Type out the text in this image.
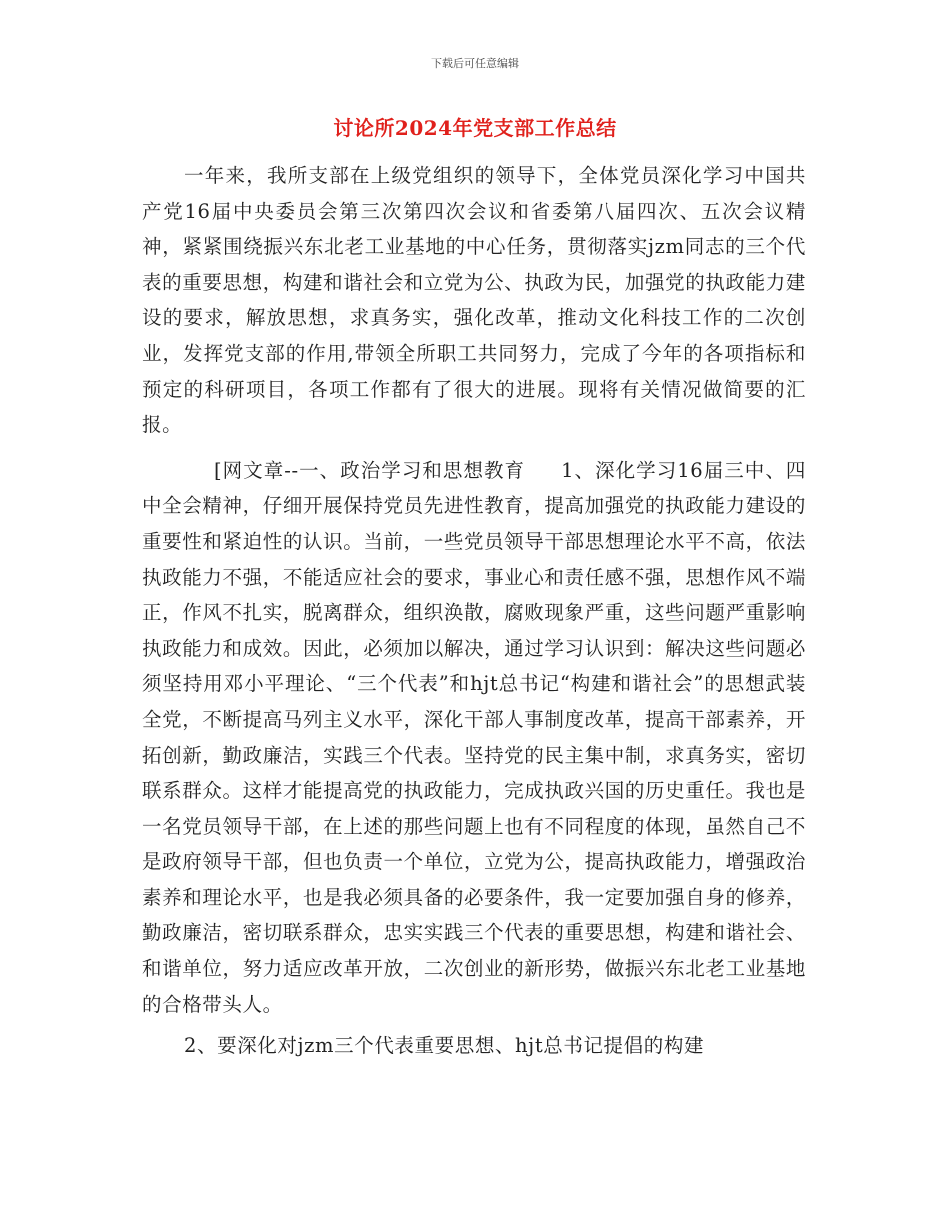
下载后可任意编辑
讨论所2024年党支部工作总结

一年来，我所支部在上级党组织的领导下，全体党员深化学习中国共产党16届中央委员会第三次第四次会议和省委第八届四次、五次会议精神，紧紧围绕振兴东北老工业基地的中心任务，贯彻落实jzm同志的三个代表的重要思想，构建和谐社会和立党为公、执政为民，加强党的执政能力建设的要求，解放思想，求真务实，强化改革，推动文化科技工作的二次创业，发挥党支部的作用,带领全所职工共同努力，完成了今年的各项指标和预定的科研项目，各项工作都有了很大的进展。现将有关情况做简要的汇报。

[网文章--一、政治学习和思想教育 1、深化学习16届三中、四中全会精神，仔细开展保持党员先进性教育，提高加强党的执政能力建设的重要性和紧迫性的认识。当前，一些党员领导干部思想理论水平不高，依法执政能力不强，不能适应社会的要求，事业心和责任感不强，思想作风不端正，作风不扎实，脱离群众，组织涣散，腐败现象严重，这些问题严重影响执政能力和成效。因此，必须加以解决，通过学习认识到：解决这些问题必须坚持用邓小平理论、“三个代表”和hjt总书记“构建和谐社会”的思想武装全党，不断提高马列主义水平，深化干部人事制度改革，提高干部素养，开拓创新，勤政廉洁，实践三个代表。坚持党的民主集中制，求真务实，密切联系群众。这样才能提高党的执政能力，完成执政兴国的历史重任。我也是一名党员领导干部，在上述的那些问题上也有不同程度的体现，虽然自己不是政府领导干部，但也负责一个单位，立党为公，提高执政能力，增强政治素养和理论水平，也是我必须具备的必要条件，我一定要加强自身的修养，勤政廉洁，密切联系群众，忠实实践三个代表的重要思想，构建和谐社会、和谐单位，努力适应改革开放，二次创业的新形势，做振兴东北老工业基地的合格带头人。

2、要深化对jzm三个代表重要思想、hjt总书记提倡的构建
